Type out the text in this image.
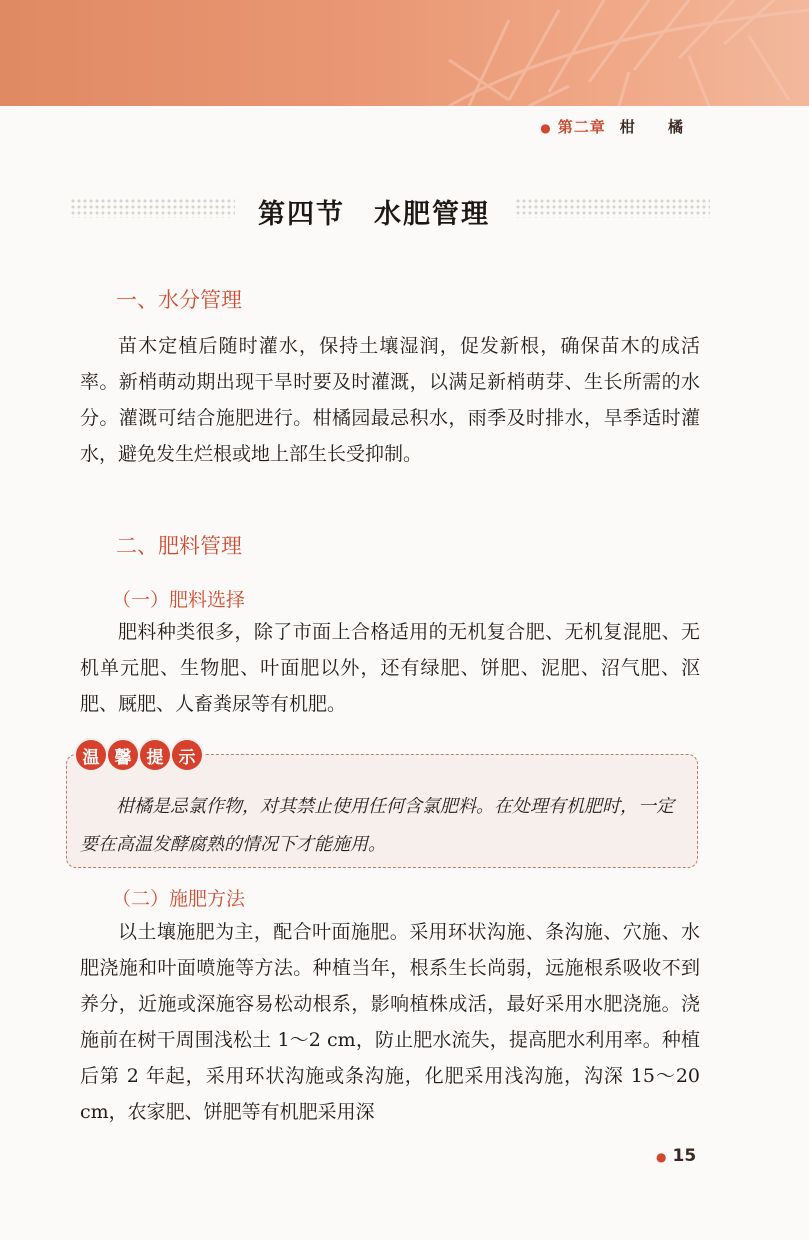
● 第二章 柑 橘
第四节　水肥管理
一、水分管理

苗木定植后随时灌水，保持土壤湿润，促发新根，确保苗木的成活率。新梢萌动期出现干旱时要及时灌溉，以满足新梢萌芽、生长所需的水分。灌溉可结合施肥进行。柑橘园最忌积水，雨季及时排水，旱季适时灌水，避免发生烂根或地上部生长受抑制。

二、肥料管理
（一）肥料选择

肥料种类很多，除了市面上合格适用的无机复合肥、无机复混肥、无机单元肥、生物肥、叶面肥以外，还有绿肥、饼肥、泥肥、沼气肥、沤肥、厩肥、人畜粪尿等有机肥。

温 馨 提 示

柑橘是忌氯作物，对其禁止使用任何含氯肥料。在处理有机肥时，一定要在高温发酵腐熟的情况下才能施用。

（二）施肥方法

以土壤施肥为主，配合叶面施肥。采用环状沟施、条沟施、穴施、水肥浇施和叶面喷施等方法。种植当年，根系生长尚弱，远施根系吸收不到养分，近施或深施容易松动根系，影响植株成活，最好采用水肥浇施。浇施前在树干周围浅松土 1～2 cm，防止肥水流失，提高肥水利用率。种植后第 2 年起，采用环状沟施或条沟施，化肥采用浅沟施，沟深 15～20 cm，农家肥、饼肥等有机肥采用深

● 15
